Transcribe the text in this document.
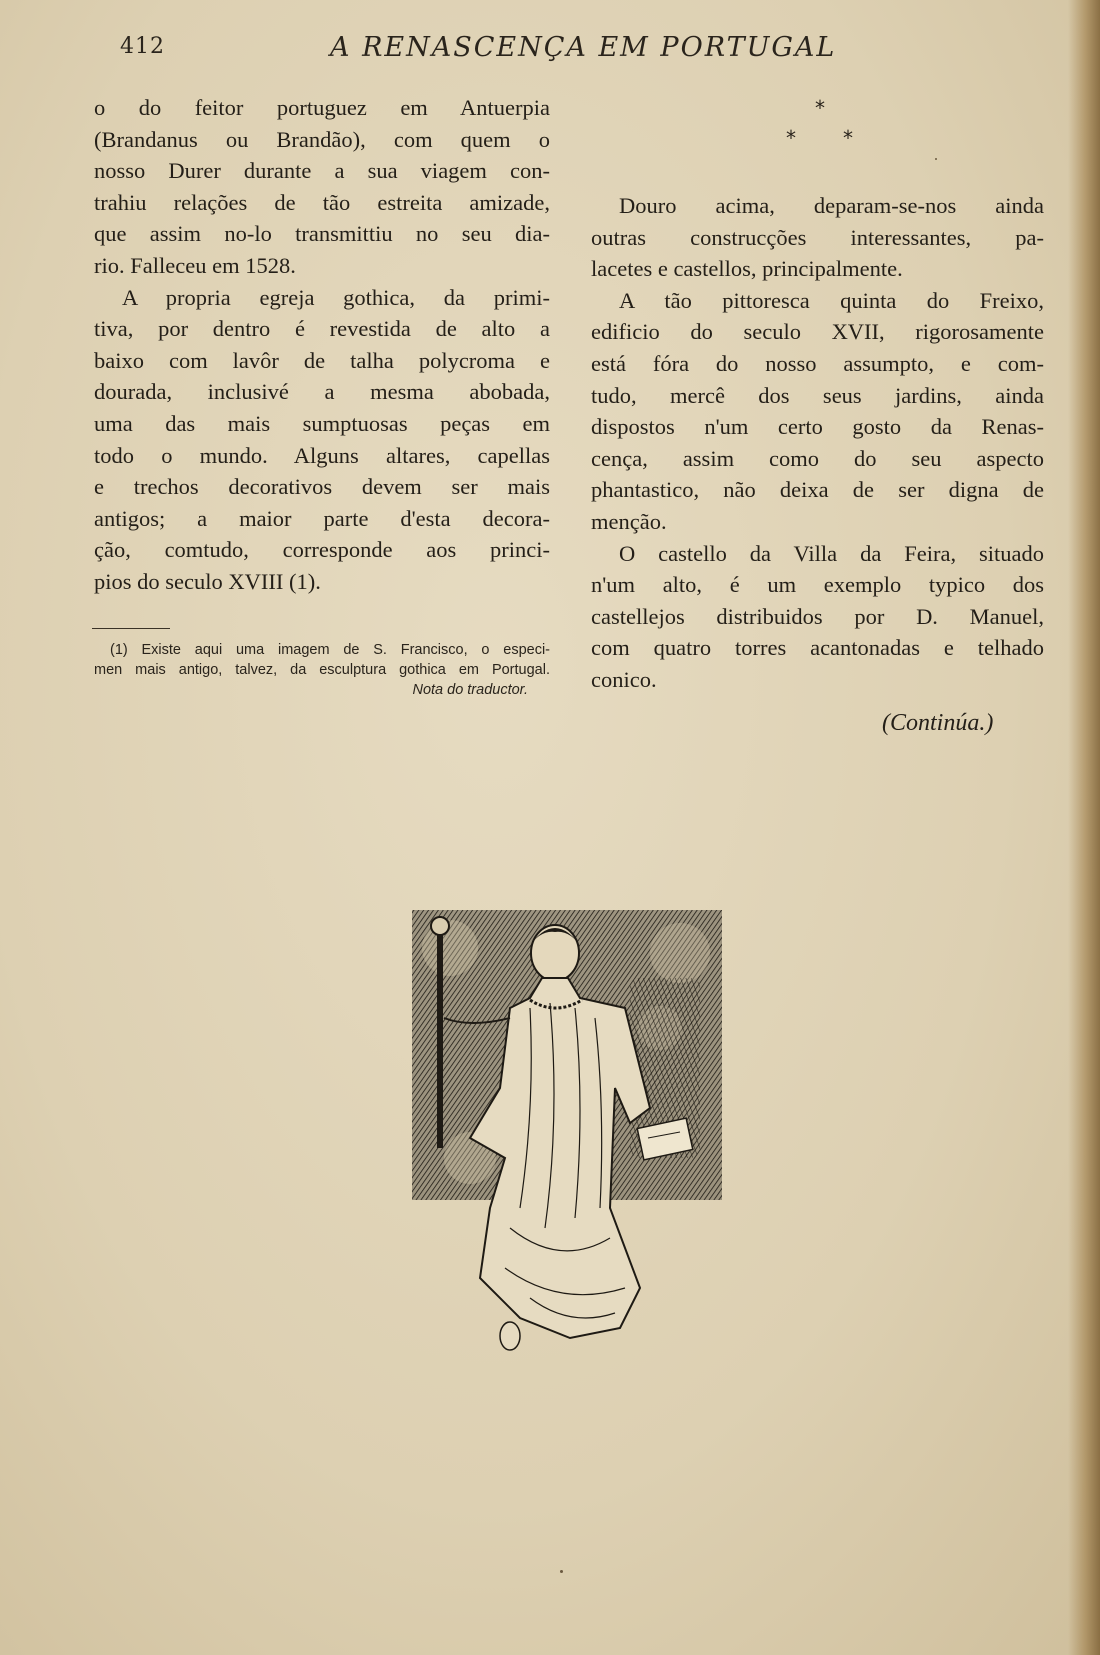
412	A RENASCENÇA EM PORTUGAL

o do feitor portuguez em Antuerpia
(Brandanus ou Brandão), com quem o
nosso Durer durante a sua viagem con-
trahiu relações de tão estreita amizade,
que assim no-lo transmittiu no seu dia-
rio. Falleceu em 1528.

A propria egreja gothica, da primi-
tiva, por dentro é revestida de alto a
baixo com lavôr de talha polycroma e
dourada, inclusivé a mesma abobada,
uma das mais sumptuosas peças em
todo o mundo. Alguns altares, capellas
e trechos decorativos devem ser mais
antigos; a maior parte d'esta decora-
ção, comtudo, corresponde aos princi-
pios do seculo XVIII (1).

(1) Existe aqui uma imagem de S. Francisco, o especi-
men mais antigo, talvez, da esculptura gothica em Portugal.
Nota do traductor.
*
* *

Douro acima, deparam-se-nos ainda
outras construcções interessantes, pa-
lacetes e castellos, principalmente.

A tão pittoresca quinta do Freixo,
edificio do seculo XVII, rigorosamente
está fóra do nosso assumpto, e com-
tudo, mercê dos seus jardins, ainda
dispostos n'um certo gosto da Renas-
cença, assim como do seu aspecto
phantastico, não deixa de ser digna de
menção.

O castello da Villa da Feira, situado
n'um alto, é um exemplo typico dos
castellejos distribuidos por D. Manuel,
com quatro torres acantonadas e telhado
conico.

(Continúa.)
